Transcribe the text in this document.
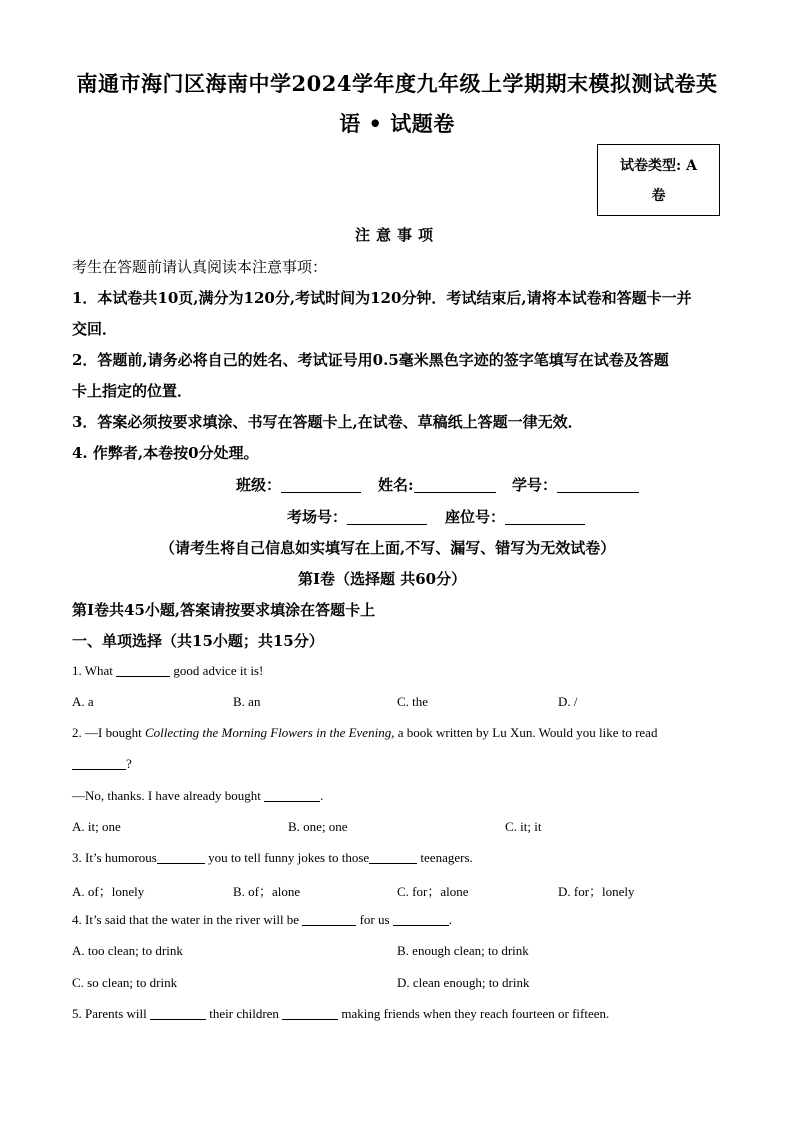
南通市海门区海南中学2024学年度九年级上学期期末模拟测试卷英
语 • 试题卷
试卷类型: A
卷
注意事项
考生在答题前请认真阅读本注意事项：
1．本试卷共10页,满分为120分,考试时间为120分钟．考试结束后,请将本试卷和答题卡一并
交回．
2．答题前,请务必将自己的姓名、考试证号用0.5毫米黑色字迹的签字笔填写在试卷及答题
卡上指定的位置．
3．答案必须按要求填涂、书写在答题卡上,在试卷、草稿纸上答题一律无效．
4. 作弊者,本卷按0分处理。
班级：	姓名:	学号：
考场号：	座位号：
（请考生将自己信息如实填写在上面,不写、漏写、错写为无效试卷）
第I卷（选择题 共60分）
第I卷共45小题,答案请按要求填涂在答题卡上
一、单项选择（共15小题；共15分）
1. What	good advice it is!
A. a	B. an	C. the	D. /
2. —I bought Collecting the Morning Flowers in the Evening, a book written by Lu Xun. Would you like to read
?
—No, thanks. I have already bought	.
A. it; one	B. one; one	C. it; it
3. It’s humorous	you to tell funny jokes to those	teenagers.
A. of；lonely	B. of；alone	C. for；alone	D. for；lonely
4. It’s said that the water in the river will be	for us	.
A. too clean; to drink	B. enough clean; to drink
C. so clean; to drink	D. clean enough; to drink
5. Parents will	their children	making friends when they reach fourteen or fifteen.
